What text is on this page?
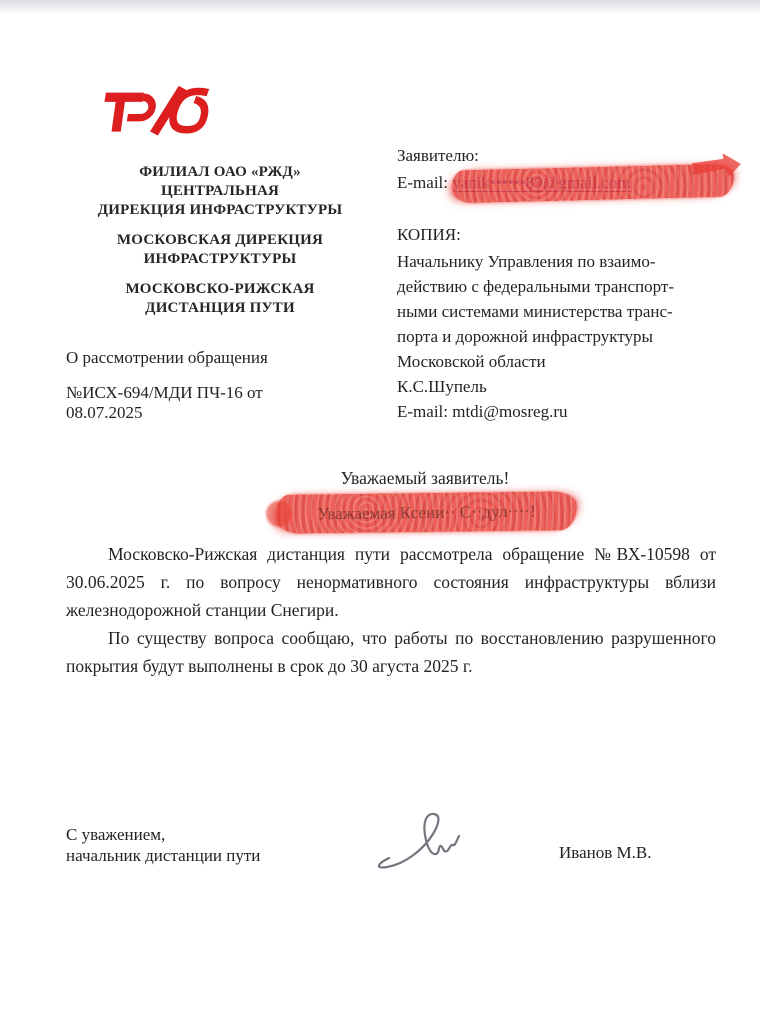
ФИЛИАЛ ОАО «РЖД»
ЦЕНТРАЛЬНАЯ
ДИРЕКЦИЯ ИНФРАСТРУКТУРЫ
МОСКОВСКАЯ ДИРЕКЦИЯ
ИНФРАСТРУКТУРЫ
МОСКОВСКО-РИЖСКАЯ
ДИСТАНЦИЯ ПУТИ
О рассмотрении обращения
№ИСХ-694/МДИ ПЧ-16 от
08.07.2025
Заявителю:
E-mail:
КОПИЯ:
Начальнику Управления по взаимо-
действию с федеральными транспорт-
ными системами министерства транс-
порта и дорожной инфраструктуры
Московской области
К.С.Шупель
E-mail: mtdi@mosreg.ru
Уважаемый заявитель!
Уважаемая Ксени·· С··дул····!

Московско-Рижская дистанция пути рассмотрела обращение №ВХ-10598 от 30.06.2025 г. по вопросу ненормативного состояния инфраструктуры вблизи железнодорожной станции Снегири.

По существу вопроса сообщаю, что работы по восстановлению разрушенного покрытия будут выполнены в срок до 30 агуста 2025 г.

С уважением,
начальник дистанции пути	Иванов М.В.
